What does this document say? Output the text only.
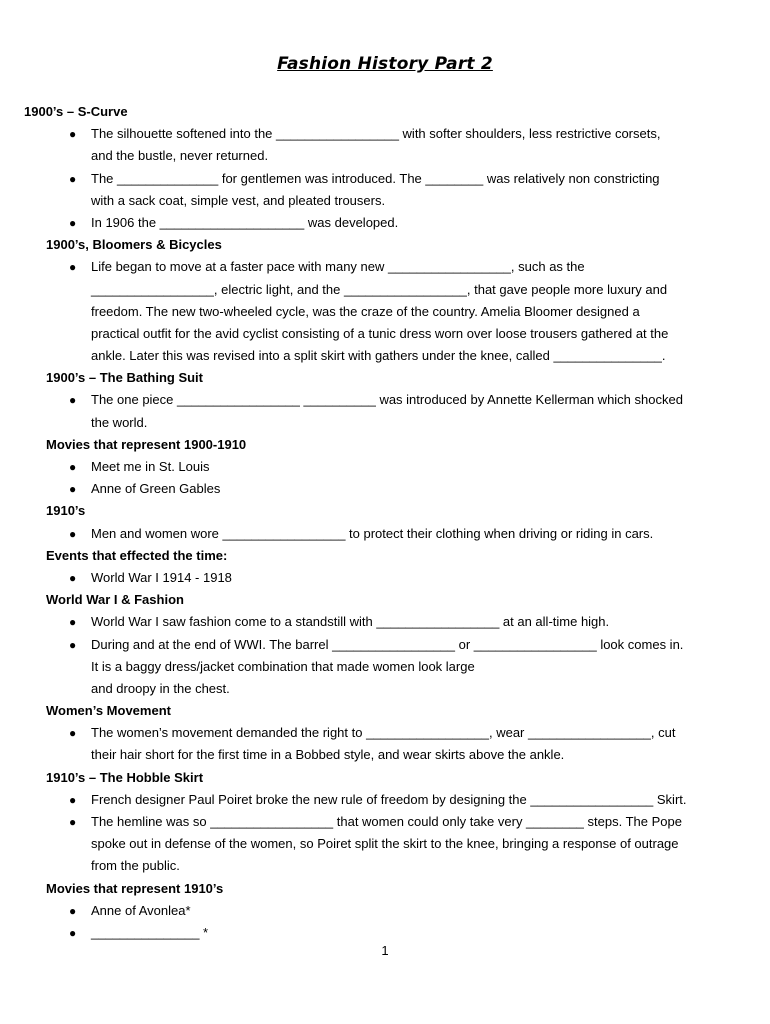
Fashion History Part 2
1900’s – S-Curve
● The silhouette softened into the _________________ with softer shoulders, less restrictive corsets,
and the bustle, never returned.
● The ______________ for gentlemen was introduced. The ________ was relatively non constricting
with a sack coat, simple vest, and pleated trousers.
● In 1906 the ____________________ was developed.
1900’s, Bloomers & Bicycles
● Life began to move at a faster pace with many new _________________, such as the
_________________, electric light, and the _________________, that gave people more luxury and
freedom. The new two-wheeled cycle, was the craze of the country. Amelia Bloomer designed a
practical outfit for the avid cyclist consisting of a tunic dress worn over loose trousers gathered at the
ankle. Later this was revised into a split skirt with gathers under the knee, called _______________.
1900’s – The Bathing Suit
● The one piece _________________ __________ was introduced by Annette Kellerman which shocked
the world.
Movies that represent 1900-1910
● Meet me in St. Louis
● Anne of Green Gables
1910’s
● Men and women wore _________________ to protect their clothing when driving or riding in cars.
Events that effected the time:
● World War I 1914 - 1918
World War I & Fashion
● World War I saw fashion come to a standstill with _________________ at an all-time high.
● During and at the end of WWI. The barrel _________________ or _________________ look comes in.
It is a baggy dress/jacket combination that made women look large
and droopy in the chest.
Women’s Movement
● The women’s movement demanded the right to _________________, wear _________________, cut
their hair short for the first time in a Bobbed style, and wear skirts above the ankle.
1910’s – The Hobble Skirt
● French designer Paul Poiret broke the new rule of freedom by designing the _________________ Skirt.
● The hemline was so _________________ that women could only take very ________ steps. The Pope
spoke out in defense of the women, so Poiret split the skirt to the knee, bringing a response of outrage
from the public.
Movies that represent 1910’s
● Anne of Avonlea*
● _______________ *
1
